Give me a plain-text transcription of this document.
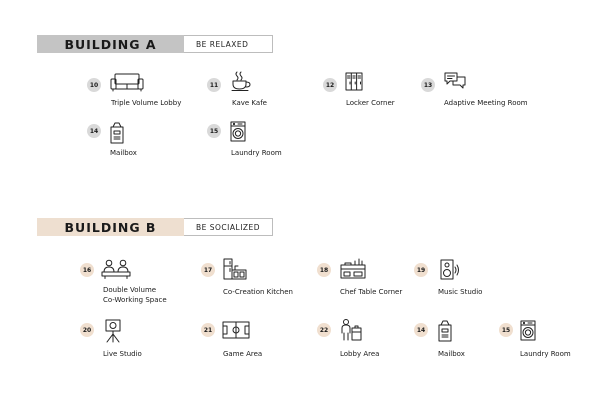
BUILDING A	BE RELAXED
10
Triple Volume Lobby
11
Kave Kafe
12
Locker Corner
13
Adaptive Meeting Room
14
Mailbox
15
Laundry Room
BUILDING B	BE SOCIALIZED
16
Double Volume
Co-Working Space
17
Co-Creation Kitchen
18
Chef Table Corner
19
Music Studio
20
Live Studio
21
Game Area
22
Lobby Area
14
Mailbox
15
Laundry Room
